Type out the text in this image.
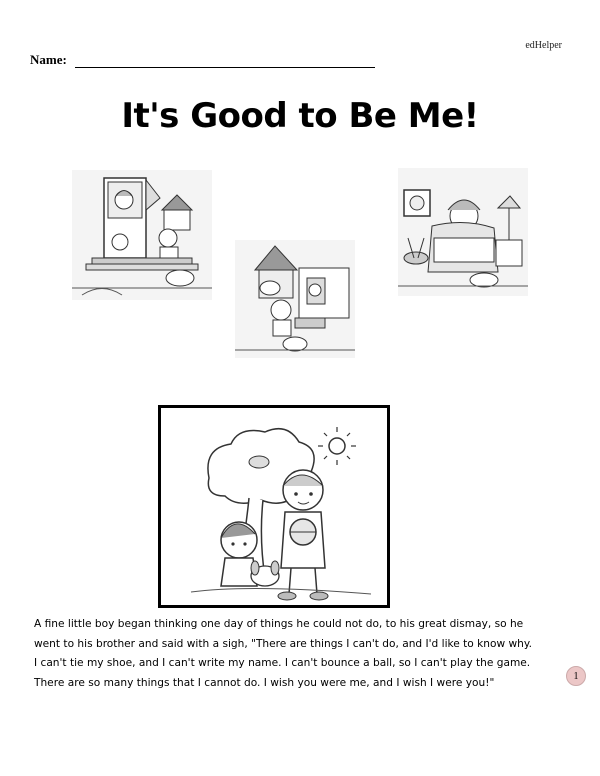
edHelper
Name:
It's Good to Be Me!
A fine little boy began thinking one day of things he could not do, to his great dismay, so he
went to his brother and said with a sigh, "There are things I can't do, and I'd like to know why.
I can't tie my shoe, and I can't write my name. I can't bounce a ball, so I can't play the game.
There are so many things that I cannot do. I wish you were me, and I wish I were you!"
1
